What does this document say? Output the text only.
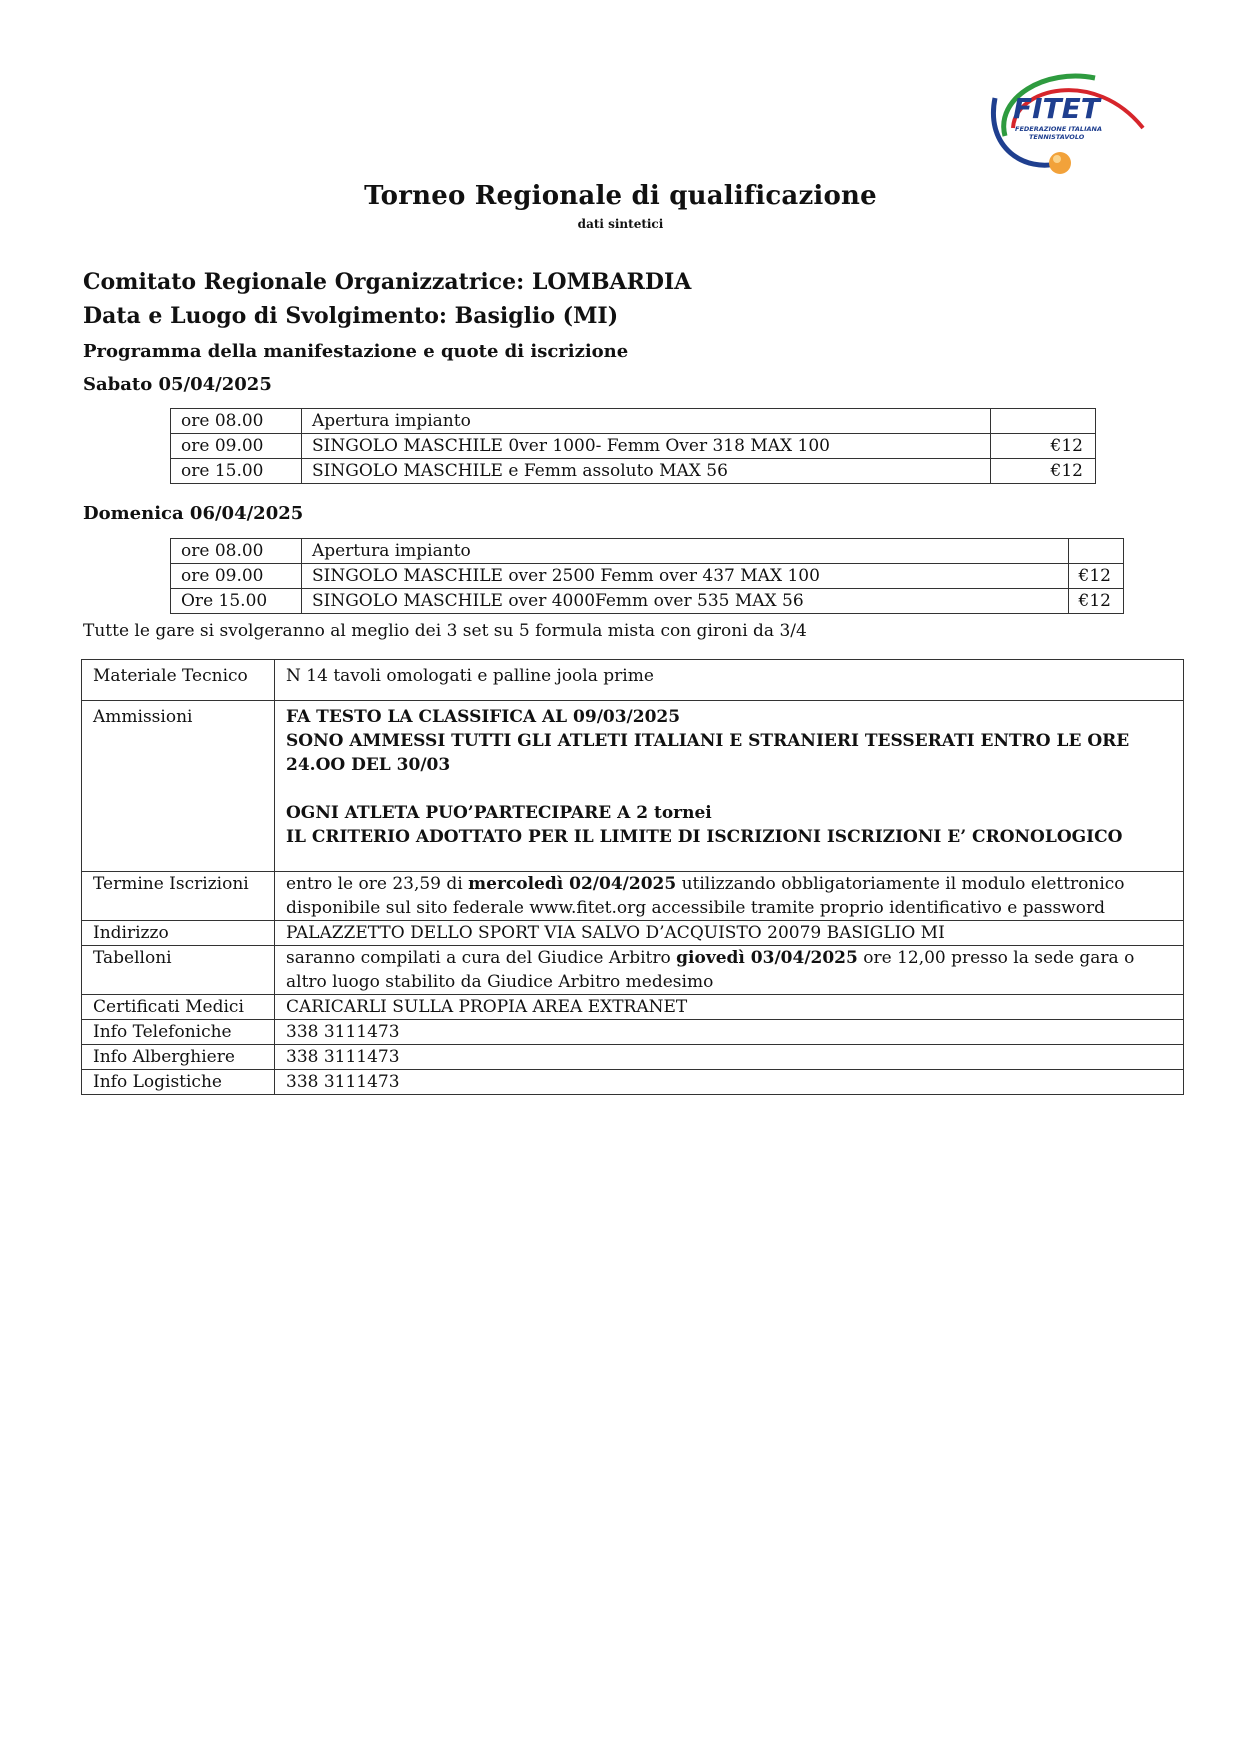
FITET
FEDERAZIONE ITALIANA
TENNISTAVOLO
Torneo Regionale di qualificazione
dati sintetici
Comitato Regionale Organizzatrice: LOMBARDIA
Data e Luogo di Svolgimento: Basiglio (MI)
Programma della manifestazione e quote di iscrizione
Sabato 05/04/2025
ore 08.00	Apertura impianto	
ore 09.00	SINGOLO MASCHILE 0ver 1000- Femm Over 318 MAX 100	€12
ore 15.00	SINGOLO MASCHILE e Femm assoluto MAX 56	€12
Domenica 06/04/2025
ore 08.00	Apertura impianto	
ore 09.00	SINGOLO MASCHILE over 2500 Femm over 437 MAX 100	€12
Ore 15.00	SINGOLO MASCHILE over 4000Femm over 535 MAX 56	€12
Tutte le gare si svolgeranno al meglio dei 3 set su 5 formula mista con gironi da 3/4
Materiale Tecnico	N 14 tavoli omologati e palline joola prime
Ammissioni	FA TESTO LA CLASSIFICA AL 09/03/2025
SONO AMMESSI TUTTI GLI ATLETI ITALIANI E STRANIERI TESSERATI ENTRO LE ORE 24.OO DEL 30/03
OGNI ATLETA PUO’PARTECIPARE A 2 tornei
IL CRITERIO ADOTTATO PER IL LIMITE DI ISCRIZIONI ISCRIZIONI E’ CRONOLOGICO

Termine Iscrizioni	entro le ore 23,59 di mercoledì 02/04/2025 utilizzando obbligatoriamente il modulo elettronico disponibile sul sito federale www.fitet.org accessibile tramite proprio identificativo e password
Indirizzo	PALAZZETTO DELLO SPORT VIA SALVO D’ACQUISTO 20079 BASIGLIO MI
Tabelloni	saranno compilati a cura del Giudice Arbitro giovedì 03/04/2025 ore 12,00 presso la sede gara o altro luogo stabilito da Giudice Arbitro medesimo
Certificati Medici	CARICARLI SULLA PROPIA AREA EXTRANET
Info Telefoniche	338 3111473
Info Alberghiere	338 3111473
Info Logistiche	338 3111473
